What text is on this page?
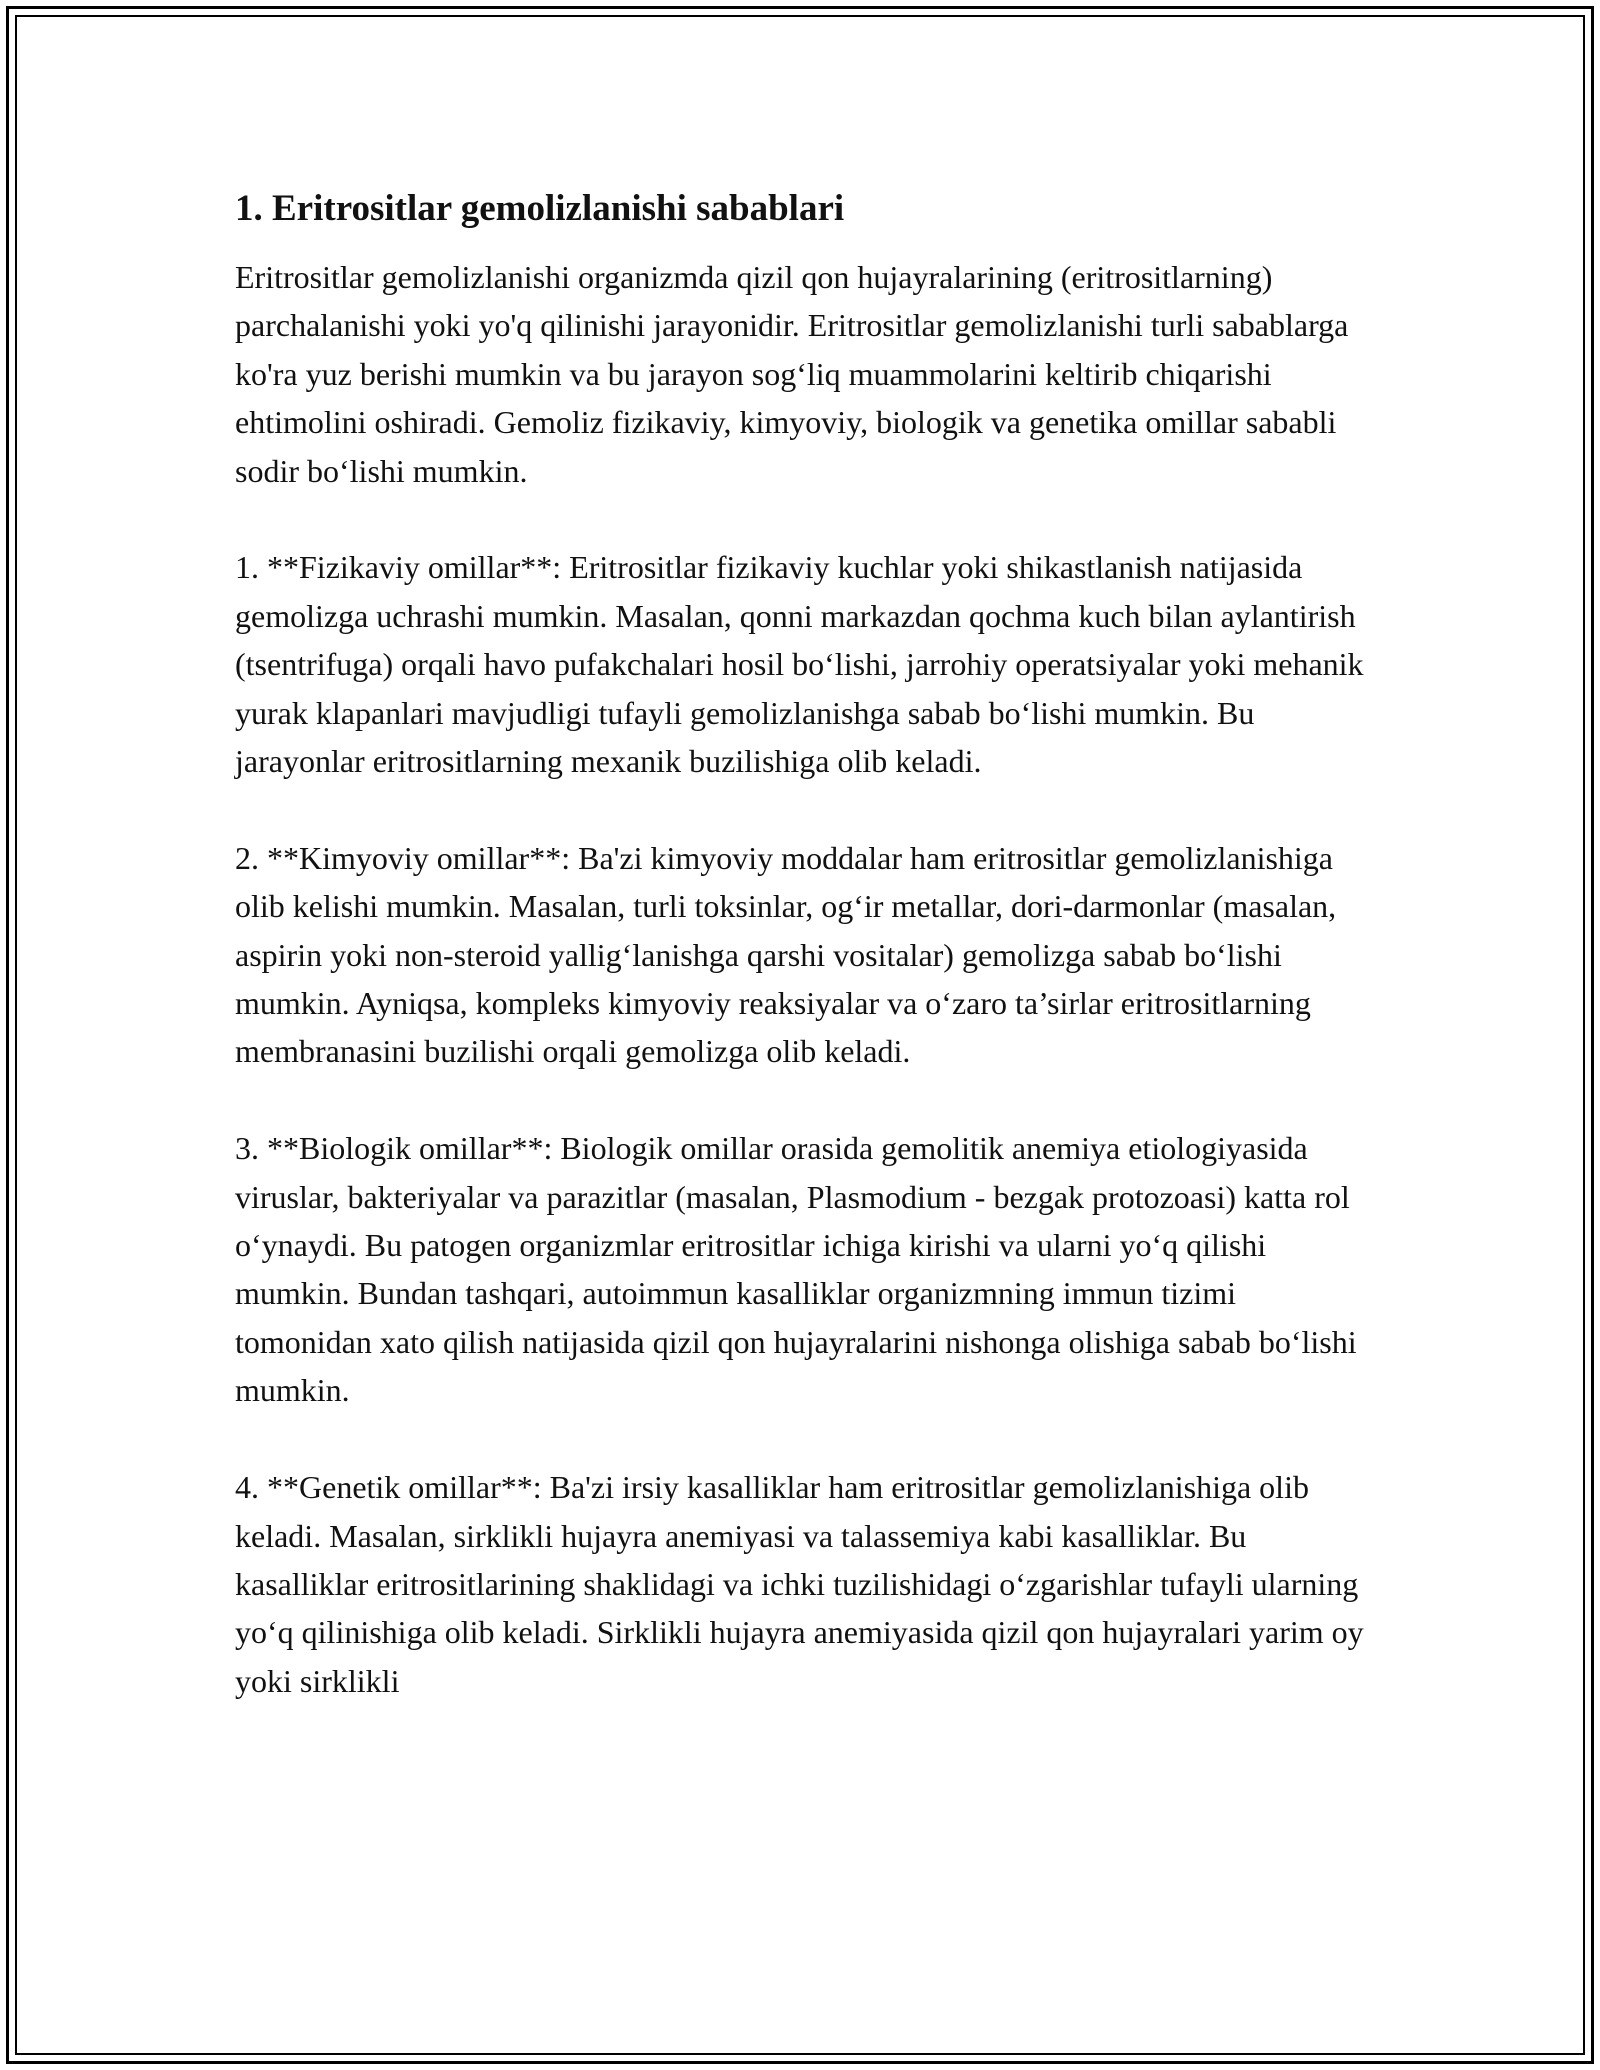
1. Eritrositlar gemolizlanishi sabablari

Eritrositlar gemolizlanishi organizmda qizil qon hujayralarining (eritrositlarning) parchalanishi yoki yo'q qilinishi jarayonidir. Eritrositlar gemolizlanishi turli sabablarga ko'ra yuz berishi mumkin va bu jarayon sog‘liq muammolarini keltirib chiqarishi ehtimolini oshiradi. Gemoliz fizikaviy, kimyoviy, biologik va genetika omillar sababli sodir bo‘lishi mumkin.

1. **Fizikaviy omillar**: Eritrositlar fizikaviy kuchlar yoki shikastlanish natijasida gemolizga uchrashi mumkin. Masalan, qonni markazdan qochma kuch bilan aylantirish (tsentrifuga) orqali havo pufakchalari hosil bo‘lishi, jarrohiy operatsiyalar yoki mehanik yurak klapanlari mavjudligi tufayli gemolizlanishga sabab bo‘lishi mumkin. Bu jarayonlar eritrositlarning mexanik buzilishiga olib keladi.

2. **Kimyoviy omillar**: Ba'zi kimyoviy moddalar ham eritrositlar gemolizlanishiga olib kelishi mumkin. Masalan, turli toksinlar, og‘ir metallar, dori-darmonlar (masalan, aspirin yoki non-steroid yallig‘lanishga qarshi vositalar) gemolizga sabab bo‘lishi mumkin. Ayniqsa, kompleks kimyoviy reaksiyalar va o‘zaro ta’sirlar eritrositlarning membranasini buzilishi orqali gemolizga olib keladi.

3. **Biologik omillar**: Biologik omillar orasida gemolitik anemiya etiologiyasida viruslar, bakteriyalar va parazitlar (masalan, Plasmodium - bezgak protozoasi) katta rol o‘ynaydi. Bu patogen organizmlar eritrositlar ichiga kirishi va ularni yo‘q qilishi mumkin. Bundan tashqari, autoimmun kasalliklar organizmning immun tizimi tomonidan xato qilish natijasida qizil qon hujayralarini nishonga olishiga sabab bo‘lishi mumkin.

4. **Genetik omillar**: Ba'zi irsiy kasalliklar ham eritrositlar gemolizlanishiga olib keladi. Masalan, sirklikli hujayra anemiyasi va talassemiya kabi kasalliklar. Bu kasalliklar eritrositlarining shaklidagi va ichki tuzilishidagi o‘zgarishlar tufayli ularning yo‘q qilinishiga olib keladi. Sirklikli hujayra anemiyasida qizil qon hujayralari yarim oy yoki sirklikli
